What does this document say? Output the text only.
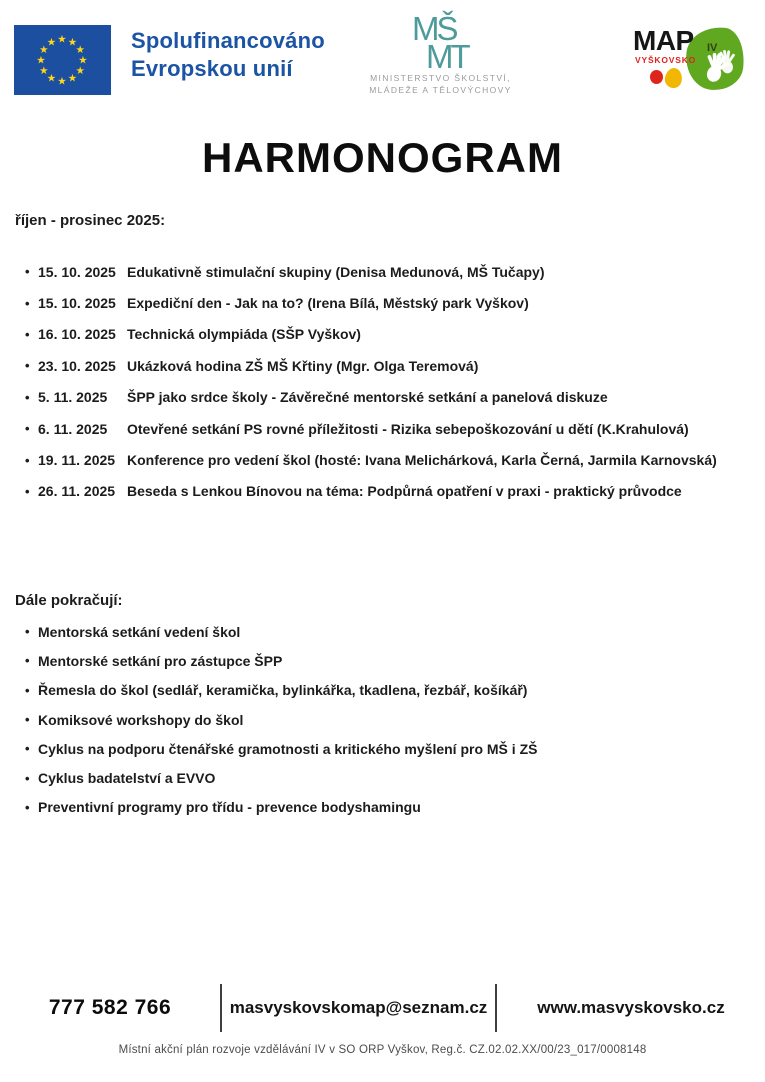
★ ★
★
★
★
★
★
★
★
★
★
★	Spolufinancováno
Evropskou unií
MŠ
MT
MINISTERSTVO ŠKOLSTVÍ,
MLÁDEŽE A TĚLOVÝCHOVY
MAP IV
VYŠKOVSKO
HARMONOGRAM
říjen - prosinec 2025:
• 15. 10. 2025 Edukativně stimulační skupiny (Denisa Medunová, MŠ Tučapy)
• 15. 10. 2025 Expediční den - Jak na to? (Irena Bílá, Městský park Vyškov)
• 16. 10. 2025 Technická olympiáda (SŠP Vyškov)
• 23. 10. 2025 Ukázková hodina ZŠ MŠ Křtiny (Mgr. Olga Teremová)
• 5. 11. 2025	ŠPP jako srdce školy - Závěrečné mentorské setkání a panelová diskuze
• 6. 11. 2025	Otevřené setkání PS rovné příležitosti - Rizika sebepoškozování u dětí (K.Krahulová)
• 19. 11. 2025 Konference pro vedení škol (hosté: Ivana Melichárková, Karla Černá, Jarmila Karnovská)
• 26. 11. 2025 Beseda s Lenkou Bínovou na téma: Podpůrná opatření v praxi - praktický průvodce
Dále pokračují:
• Mentorská setkání vedení škol
• Mentorské setkání pro zástupce ŠPP
• Řemesla do škol (sedlář, keramička, bylinkářka, tkadlena, řezbář, košíkář)
• Komiksové workshopy do škol
• Cyklus na podporu čtenářské gramotnosti a kritického myšlení pro MŠ i ZŠ
• Cyklus badatelství a EVVO
• Preventivní programy pro třídu - prevence bodyshamingu
777 582 766	masvyskovskomap@seznam.cz	www.masvyskovsko.cz
Místní akční plán rozvoje vzdělávání IV v SO ORP Vyškov, Reg.č. CZ.02.02.XX/00/23_017/0008148
